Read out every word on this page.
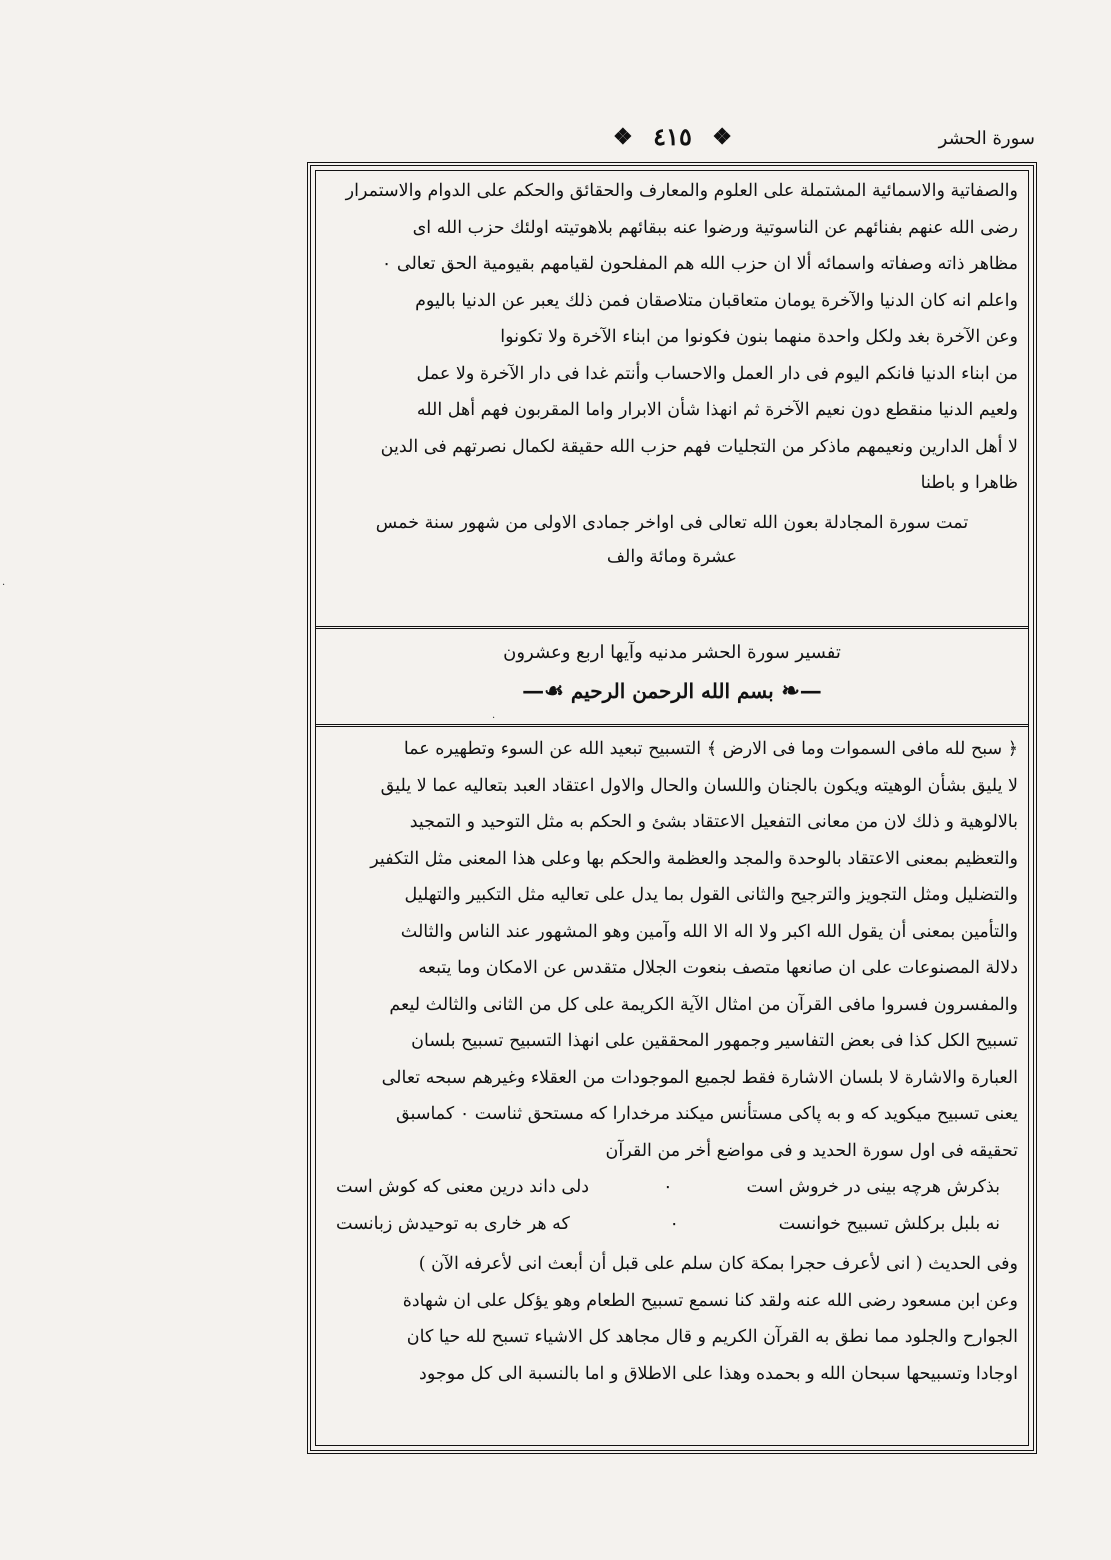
سورة الحشر
❖ ٤١٥ ❖
والصفاتية والاسمائية المشتملة على العلوم والمعارف والحقائق والحكم على الدوام والاستمرار
رضى الله عنهم بفنائهم عن الناسوتية ورضوا عنه ببقائهم بلاهوتيته اولئك حزب الله اى
مظاهر ذاته وصفاته واسمائه ألا ان حزب الله هم المفلحون لقيامهم بقيومية الحق تعالى ۰
واعلم انه كان الدنيا والآخرة يومان متعاقبان متلاصقان فمن ذلك يعبر عن الدنيا باليوم
وعن الآخرة بغد ولكل واحدة منهما بنون فكونوا من ابناء الآخرة ولا تكونوا
من ابناء الدنيا فانكم اليوم فى دار العمل والاحساب وأنتم غدا فى دار الآخرة ولا عمل
ولعيم الدنيا منقطع دون نعيم الآخرة ثم انهذا شأن الابرار واما المقربون فهم أهل الله
لا أهل الدارين ونعيمهم ماذكر من التجليات فهم حزب الله حقيقة لكمال نصرتهم فى الدين
ظاهرا و باطنا
تمت سورة المجادلة بعون الله تعالى فى اواخر جمادى الاولى من شهور سنة خمس
عشرة ومائة والف
تفسير سورة الحشر مدنيه وآيها اربع وعشرون
—❧ بسم الله الرحمن الرحيم ☙—
﴿ سبح لله مافى السموات وما فى الارض ﴾ التسبيح تبعيد الله عن السوء وتطهيره عما
لا يليق بشأن الوهيته ويكون بالجنان واللسان والحال والاول اعتقاد العبد بتعاليه عما لا يليق
بالالوهية و ذلك لان من معانى التفعيل الاعتقاد بشئ و الحكم به مثل التوحيد و التمجيد
والتعظيم بمعنى الاعتقاد بالوحدة والمجد والعظمة والحكم بها وعلى هذا المعنى مثل التكفير
والتضليل ومثل التجويز والترجيح والثانى القول بما يدل على تعاليه مثل التكبير والتهليل
والتأمين بمعنى أن يقول الله اكبر ولا اله الا الله وآمين وهو المشهور عند الناس والثالث
دلالة المصنوعات على ان صانعها متصف بنعوت الجلال متقدس عن الامكان وما يتبعه
والمفسرون فسروا مافى القرآن من امثال الآية الكريمة على كل من الثانى والثالث ليعم
تسبيح الكل كذا فى بعض التفاسير وجمهور المحققين على انهذا التسبيح تسبيح بلسان
العبارة والاشارة لا بلسان الاشارة فقط لجميع الموجودات من العقلاء وغيرهم سبحه تعالى
يعنى تسبيح ميكويد كه و به پاكى مستأنس ميكند مرخدارا كه مستحق ثناست ۰ كماسبق
تحقيقه فى اول سورة الحديد و فى مواضع أخر من القرآن
بذكرش هرچه بينى در خروش است
۰
دلى داند درين معنى كه كوش است
نه بلبل بركلش تسبيح خوانست
۰
كه هر خارى به توحيدش زبانست
وفى الحديث ( انى لأعرف حجرا بمكة كان سلم على قبل أن أبعث انى لأعرفه الآن )
وعن ابن مسعود رضى الله عنه ولقد كنا نسمع تسبيح الطعام وهو يؤكل على ان شهادة
الجوارح والجلود مما نطق به القرآن الكريم و قال مجاهد كل الاشياء تسبح لله حيا كان
اوجادا وتسبيحها سبحان الله و بحمده وهذا على الاطلاق و اما بالنسبة الى كل موجود
·
·
